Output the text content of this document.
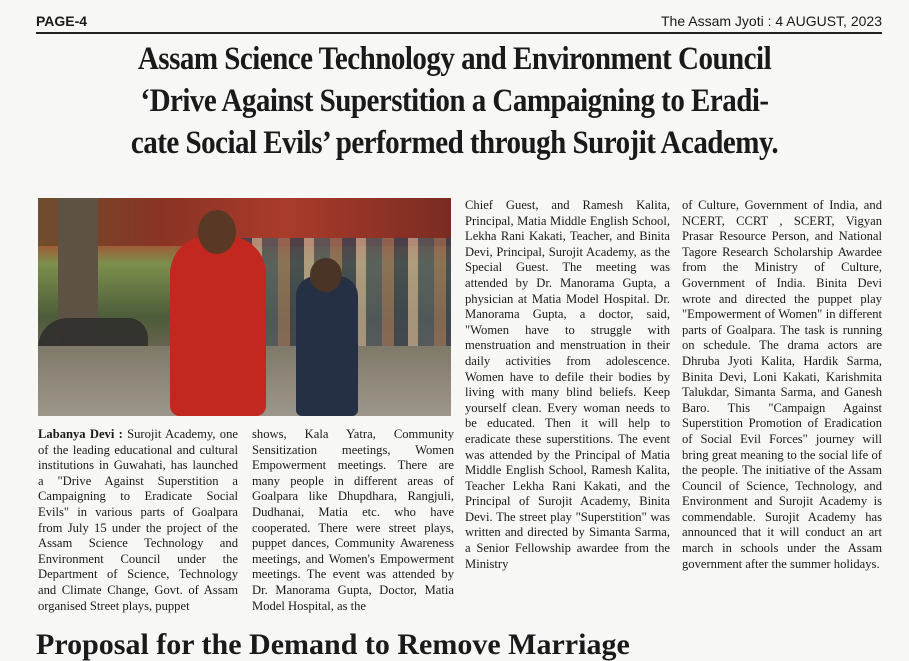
PAGE-4	The Assam Jyoti : 4 AUGUST, 2023
Assam Science Technology and Environment Council
‘Drive Against Superstition a Campaigning to Eradi-
cate Social Evils’ performed through Surojit Academy.
Labanya Devi : Surojit Academy, one of the leading educational and cultural institutions in Guwahati, has launched a "Drive Against Superstition a Campaigning to Eradicate Social Evils" in various parts of Goalpara from July 15 under the project of the Assam Science Technology and Environment Council under the Department of Science, Technology and Climate Change, Govt. of Assam organised Street plays, puppet
shows, Kala Yatra, Community Sensitization meetings, Women Empowerment meetings. There are many people in different areas of Goalpara like Dhupdhara, Rangjuli, Dudhanai, Matia etc. who have cooperated. There were street plays, puppet dances, Community Awareness meetings, and Women's Empowerment meetings. The event was attended by Dr. Manorama Gupta, Doctor, Matia Model Hospital, as the
Chief Guest, and Ramesh Kalita, Principal, Matia Middle English School, Lekha Rani Kakati, Teacher, and Binita Devi, Principal, Surojit Academy, as the Special Guest. The meeting was attended by Dr. Manorama Gupta, a physician at Matia Model Hospital. Dr. Manorama Gupta, a doctor, said, "Women have to struggle with menstruation and menstruation in their daily activities from adolescence. Women have to defile their bodies by living with many blind beliefs. Keep yourself clean. Every woman needs to be educated. Then it will help to eradicate these superstitions. The event was attended by the Principal of Matia Middle English School, Ramesh Kalita, Teacher Lekha Rani Kakati, and the Principal of Surojit Academy, Binita Devi. The street play "Superstition" was written and directed by Simanta Sarma, a Senior Fellowship awardee from the Ministry
of Culture, Government of India, and NCERT, CCRT , SCERT, Vigyan Prasar Resource Person, and National Tagore Research Scholarship Awardee from the Ministry of Culture, Government of India. Binita Devi wrote and directed the puppet play "Empowerment of Women" in different parts of Goalpara. The task is running on schedule. The drama actors are Dhruba Jyoti Kalita, Hardik Sarma, Binita Devi, Loni Kakati, Karishmita Talukdar, Simanta Sarma, and Ganesh Baro. This "Campaign Against Superstition Promotion of Eradication of Social Evil Forces" journey will bring great meaning to the social life of the people. The initiative of the Assam Council of Science, Technology, and Environment and Surojit Academy is commendable. Surojit Academy has announced that it will conduct an art march in schools under the Assam government after the summer holidays.
Proposal for the Demand to Remove Marriage
